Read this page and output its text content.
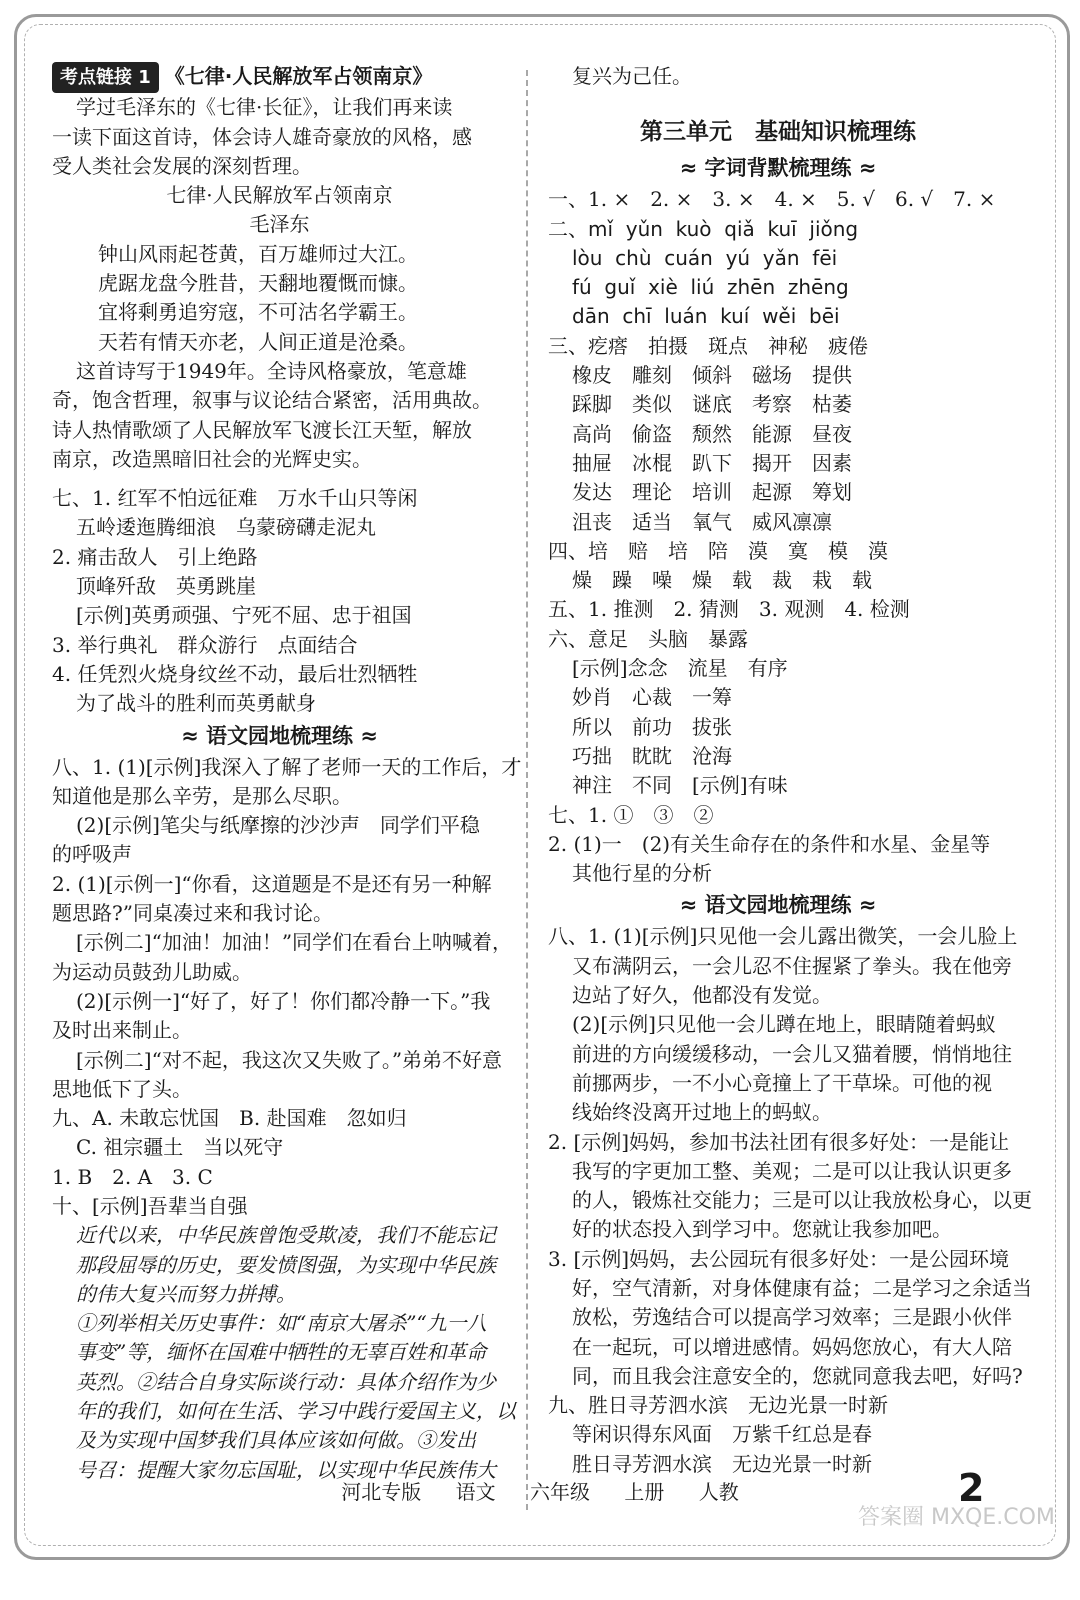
考点链接 1 《七律·人民解放军占领南京》
学过毛泽东的《七律·长征》，让我们再来读
一读下面这首诗，体会诗人雄奇豪放的风格，感
受人类社会发展的深刻哲理。
七律·人民解放军占领南京
毛泽东
钟山风雨起苍黄，百万雄师过大江。
虎踞龙盘今胜昔，天翻地覆慨而慷。
宜将剩勇追穷寇，不可沽名学霸王。
天若有情天亦老，人间正道是沧桑。
这首诗写于1949年。全诗风格豪放，笔意雄
奇，饱含哲理，叙事与议论结合紧密，活用典故。
诗人热情歌颂了人民解放军飞渡长江天堑，解放
南京，改造黑暗旧社会的光辉史实。
七、1. 红军不怕远征难　万水千山只等闲
五岭逶迤腾细浪　乌蒙磅礴走泥丸
2. 痛击敌人　引上绝路
顶峰歼敌　英勇跳崖
[示例]英勇顽强、宁死不屈、忠于祖国
3. 举行典礼　群众游行　点面结合
4. 任凭烈火烧身纹丝不动，最后壮烈牺牲
为了战斗的胜利而英勇献身
≈ 语文园地梳理练 ≈
八、1. (1)[示例]我深入了解了老师一天的工作后，才
知道他是那么辛劳，是那么尽职。
(2)[示例]笔尖与纸摩擦的沙沙声　同学们平稳
的呼吸声
2. (1)[示例一]“你看，这道题是不是还有另一种解
题思路?”同桌凑过来和我讨论。
[示例二]“加油！加油！”同学们在看台上呐喊着，
为运动员鼓劲儿助威。
(2)[示例一]“好了，好了！你们都冷静一下。”我
及时出来制止。
[示例二]“对不起，我这次又失败了。”弟弟不好意
思地低下了头。
九、A. 未敢忘忧国　B. 赴国难　忽如归
C. 祖宗疆土　当以死守
1. B　2. A　3. C
十、[示例]吾辈当自强
近代以来，中华民族曾饱受欺凌，我们不能忘记
那段屈辱的历史，要发愤图强，为实现中华民族
的伟大复兴而努力拼搏。
①列举相关历史事件：如“南京大屠杀”“九一八
事变”等，缅怀在国难中牺牲的无辜百姓和革命
英烈。②结合自身实际谈行动：具体介绍作为少
年的我们，如何在生活、学习中践行爱国主义，以
及为实现中国梦我们具体应该如何做。③发出
号召：提醒大家勿忘国耻，以实现中华民族伟大
复兴为己任。
第三单元　基础知识梳理练
≈ 字词背默梳理练 ≈
一、1. ×　2. ×　3. ×　4. ×　5. √　6. √　7. ×
二、mǐ  yǔn  kuò  qiǎ  kuī  jiǒng
lòu  chù  cuán  yú  yǎn  fēi
fú  guǐ  xiè  liú  zhēn  zhēng
dān  chī  luán  kuí  wěi  bēi
三、疙瘩　拍摄　斑点　神秘　疲倦
橡皮　雕刻　倾斜　磁场　提供
踩脚　类似　谜底　考察　枯萎
高尚　偷盗　颓然　能源　昼夜
抽屉　冰棍　趴下　揭开　因素
发达　理论　培训　起源　筹划
沮丧　适当　氧气　威风凛凛
四、培　赔　培　陪　漠　寞　模　漠
燥　躁　噪　燥　载　裁　栽　载
五、1. 推测　2. 猜测　3. 观测　4. 检测
六、意足　头脑　暴露
[示例]念念　流星　有序
妙肖　心裁　一筹
所以　前功　拔张
巧拙　眈眈　沧海
神注　不同　[示例]有味
七、1. ①　③　②
2. (1)一　(2)有关生命存在的条件和水星、金星等
其他行星的分析
≈ 语文园地梳理练 ≈
八、1. (1)[示例]只见他一会儿露出微笑，一会儿脸上
又布满阴云，一会儿忍不住握紧了拳头。我在他旁
边站了好久，他都没有发觉。
(2)[示例]只见他一会儿蹲在地上，眼睛随着蚂蚁
前进的方向缓缓移动，一会儿又猫着腰，悄悄地往
前挪两步，一不小心竟撞上了干草垛。可他的视
线始终没离开过地上的蚂蚁。
2. [示例]妈妈，参加书法社团有很多好处：一是能让
我写的字更加工整、美观；二是可以让我认识更多
的人，锻炼社交能力；三是可以让我放松身心，以更
好的状态投入到学习中。您就让我参加吧。
3. [示例]妈妈，去公园玩有很多好处：一是公园环境
好，空气清新，对身体健康有益；二是学习之余适当
放松，劳逸结合可以提高学习效率；三是跟小伙伴
在一起玩，可以增进感情。妈妈您放心，有大人陪
同，而且我会注意安全的，您就同意我去吧，好吗?
九、胜日寻芳泗水滨　无边光景一时新
等闲识得东风面　万紫千红总是春
胜日寻芳泗水滨　无边光景一时新
河北专版 语文 六年级 上册 人教	2
答案圈 MXQE.COM
